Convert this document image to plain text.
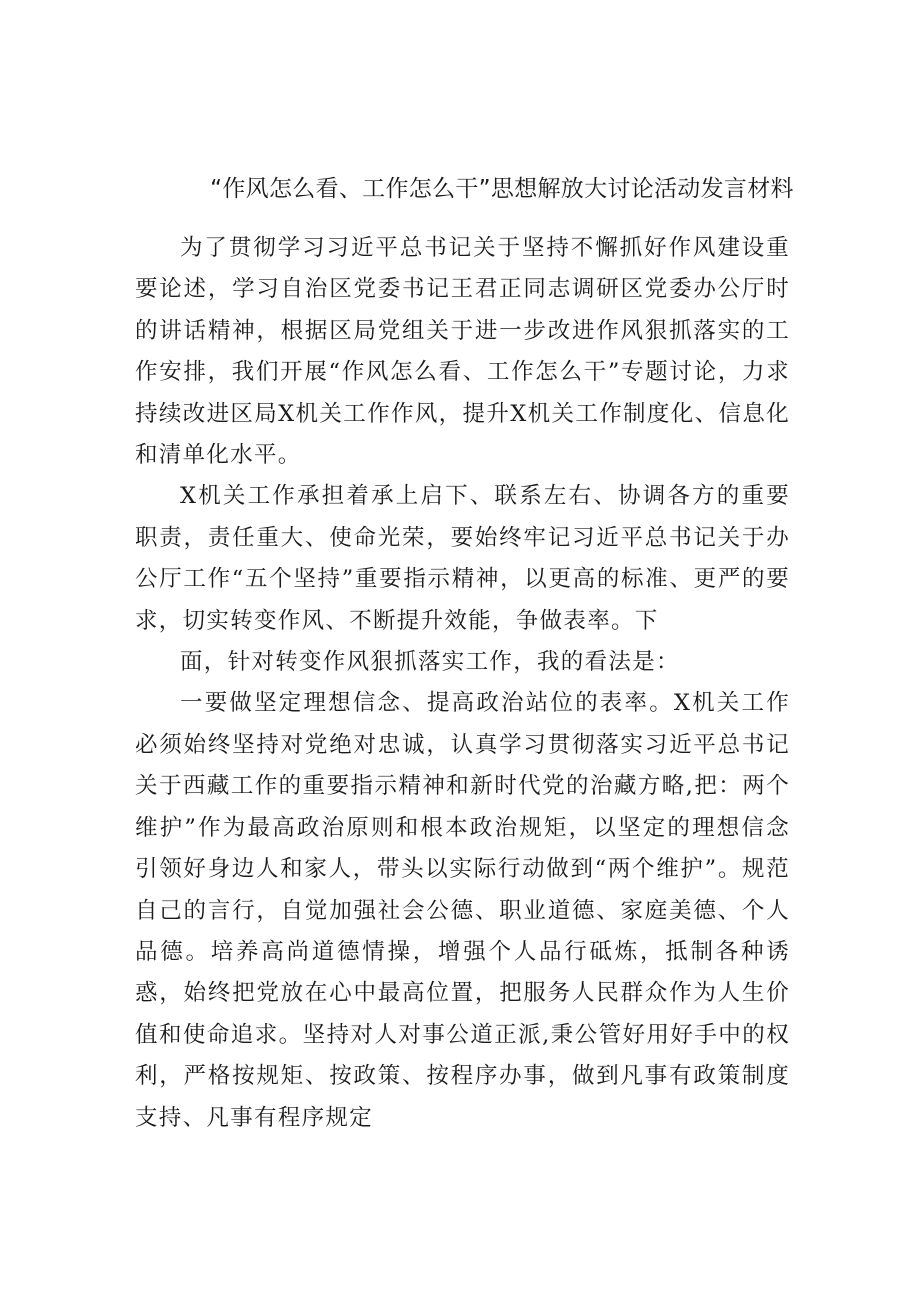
“作风怎么看、工作怎么干”思想解放大讨论活动发言材料

为了贯彻学习习近平总书记关于坚持不懈抓好作风建设重要论述，学习自治区党委书记王君正同志调研区党委办公厅时的讲话精神，根据区局党组关于进一步改进作风狠抓落实的工作安排，我们开展“作风怎么看、工作怎么干”专题讨论，力求持续改进区局X机关工作作风，提升X机关工作制度化、信息化和清单化水平。

X机关工作承担着承上启下、联系左右、协调各方的重要职责，责任重大、使命光荣，要始终牢记习近平总书记关于办公厅工作“五个坚持”重要指示精神，以更高的标准、更严的要求，切实转变作风、不断提升效能，争做表率。下

面，针对转变作风狠抓落实工作，我的看法是：

一要做坚定理想信念、提高政治站位的表率。X机关工作必须始终坚持对党绝对忠诚，认真学习贯彻落实习近平总书记关于西藏工作的重要指示精神和新时代党的治藏方略,把：两个维护”作为最高政治原则和根本政治规矩，以坚定的理想信念引领好身边人和家人，带头以实际行动做到“两个维护”。规范自己的言行，自觉加强社会公德、职业道德、家庭美德、个人品德。培养高尚道德情操，增强个人品行砥炼，抵制各种诱惑，始终把党放在心中最高位置，把服务人民群众作为人生价值和使命追求。坚持对人对事公道正派,秉公管好用好手中的权利，严格按规矩、按政策、按程序办事，做到凡事有政策制度支持、凡事有程序规定
